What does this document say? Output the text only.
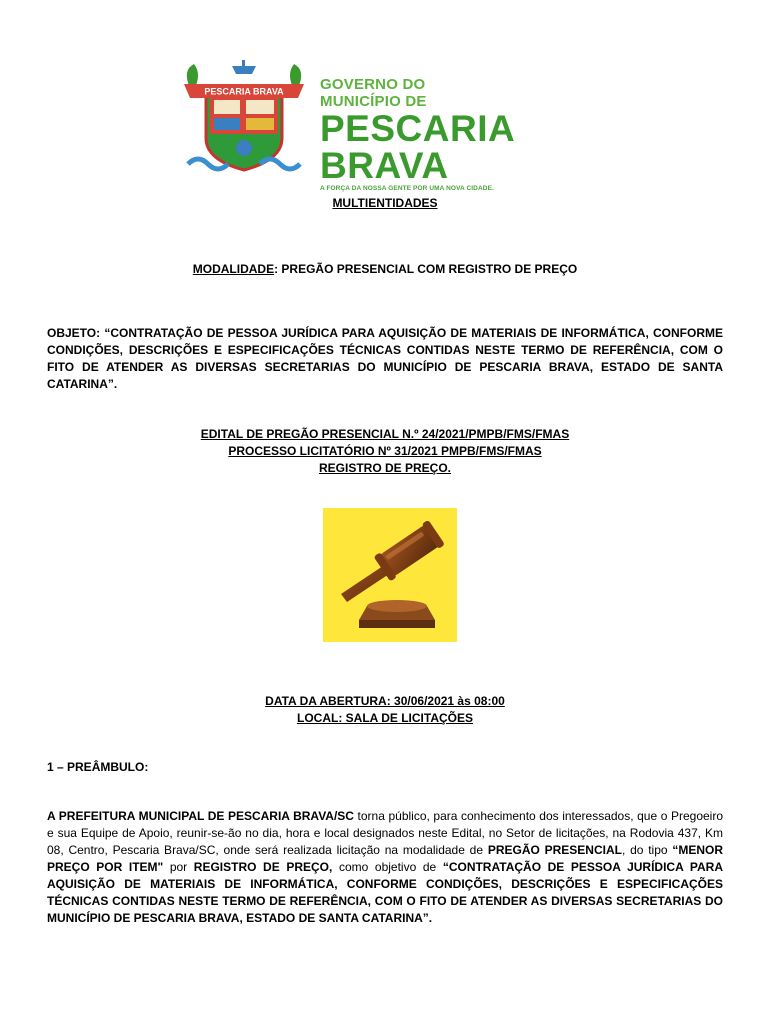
PESCARIA BRAVA GOVERNO DO MUNICÍPIO DE
PESCARIA
BRAVA
A FORÇA DA NOSSA GENTE POR UMA NOVA CIDADE.
MULTIENTIDADES
MODALIDADE: PREGÃO PRESENCIAL COM REGISTRO DE PREÇO
OBJETO: “CONTRATAÇÃO DE PESSOA JURÍDICA PARA AQUISIÇÃO DE MATERIAIS DE INFORMÁTICA, CONFORME CONDIÇÕES, DESCRIÇÕES E ESPECIFICAÇÕES TÉCNICAS CONTIDAS NESTE TERMO DE REFERÊNCIA, COM O FITO DE ATENDER AS DIVERSAS SECRETARIAS DO MUNICÍPIO DE PESCARIA BRAVA, ESTADO DE SANTA CATARINA”.
EDITAL DE PREGÃO PRESENCIAL N.º 24/2021/PMPB/FMS/FMAS
PROCESSO LICITATÓRIO Nº 31/2021 PMPB/FMS/FMAS
REGISTRO DE PREÇO.
DATA DA ABERTURA: 30/06/2021 às 08:00
LOCAL: SALA DE LICITAÇÕES
1 – PREÂMBULO:
A PREFEITURA MUNICIPAL DE PESCARIA BRAVA/SC torna público, para conhecimento dos interessados, que o Pregoeiro e sua Equipe de Apoio, reunir-se-ão no dia, hora e local designados neste Edital, no Setor de licitações, na Rodovia 437, Km 08, Centro, Pescaria Brava/SC, onde será realizada licitação na modalidade de PREGÃO PRESENCIAL, do tipo “MENOR PREÇO POR ITEM" por REGISTRO DE PREÇO, como objetivo de “CONTRATAÇÃO DE PESSOA JURÍDICA PARA AQUISIÇÃO DE MATERIAIS DE INFORMÁTICA, CONFORME CONDIÇÕES, DESCRIÇÕES E ESPECIFICAÇÕES TÉCNICAS CONTIDAS NESTE TERMO DE REFERÊNCIA, COM O FITO DE ATENDER AS DIVERSAS SECRETARIAS DO MUNICÍPIO DE PESCARIA BRAVA, ESTADO DE SANTA CATARINA”.
